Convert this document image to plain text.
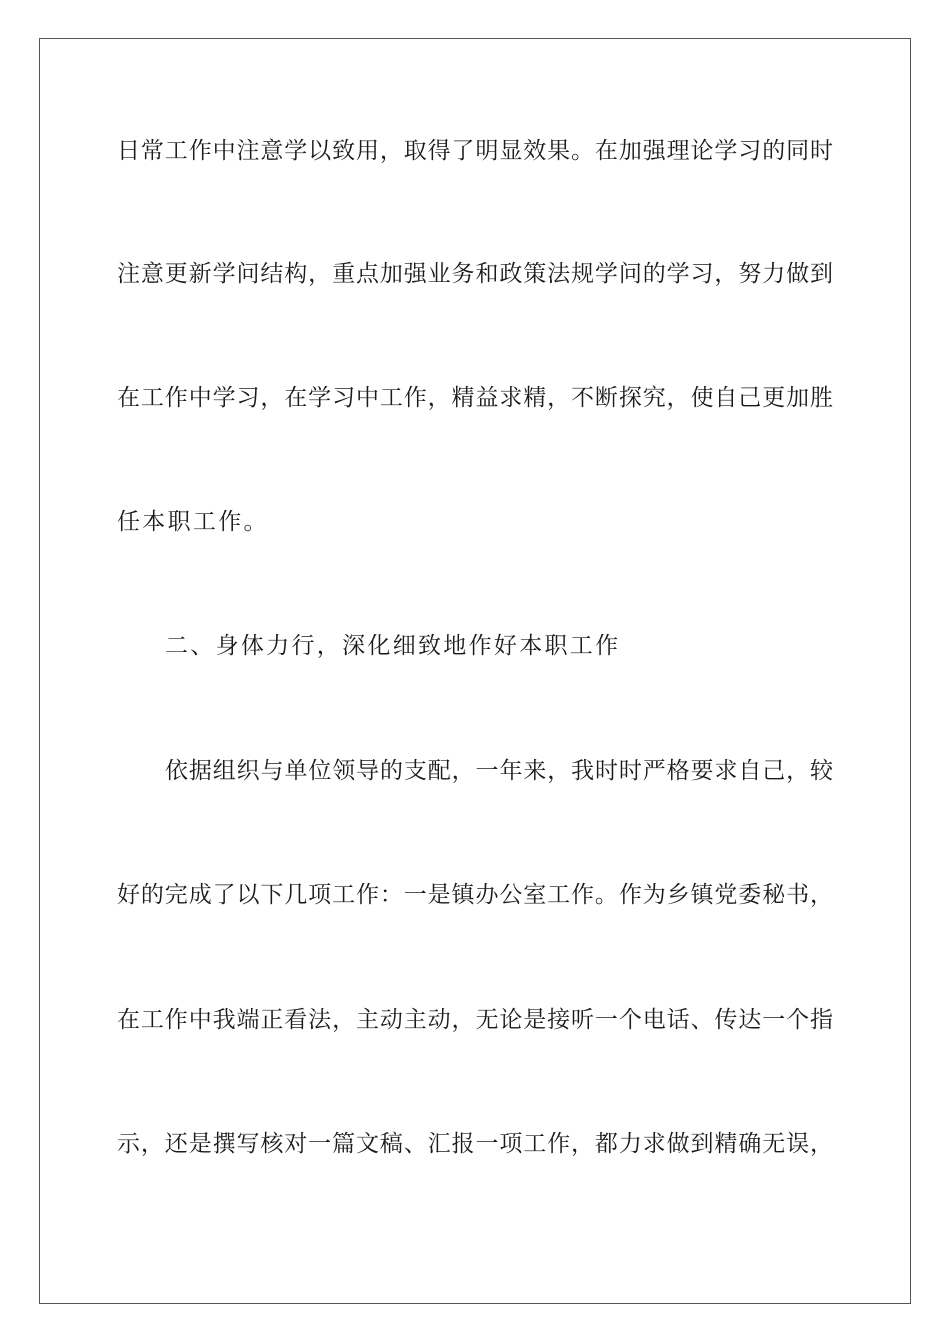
日常工作中注意学以致用，取得了明显效果。在加强理论学习的同时
注意更新学问结构，重点加强业务和政策法规学问的学习，努力做到
在工作中学习，在学习中工作，精益求精，不断探究，使自己更加胜
任本职工作。
二、身体力行，深化细致地作好本职工作
依据组织与单位领导的支配，一年来，我时时严格要求自己，较
好的完成了以下几项工作：一是镇办公室工作。作为乡镇党委秘书，
在工作中我端正看法，主动主动，无论是接听一个电话、传达一个指
示，还是撰写核对一篇文稿、汇报一项工作，都力求做到精确无误，
